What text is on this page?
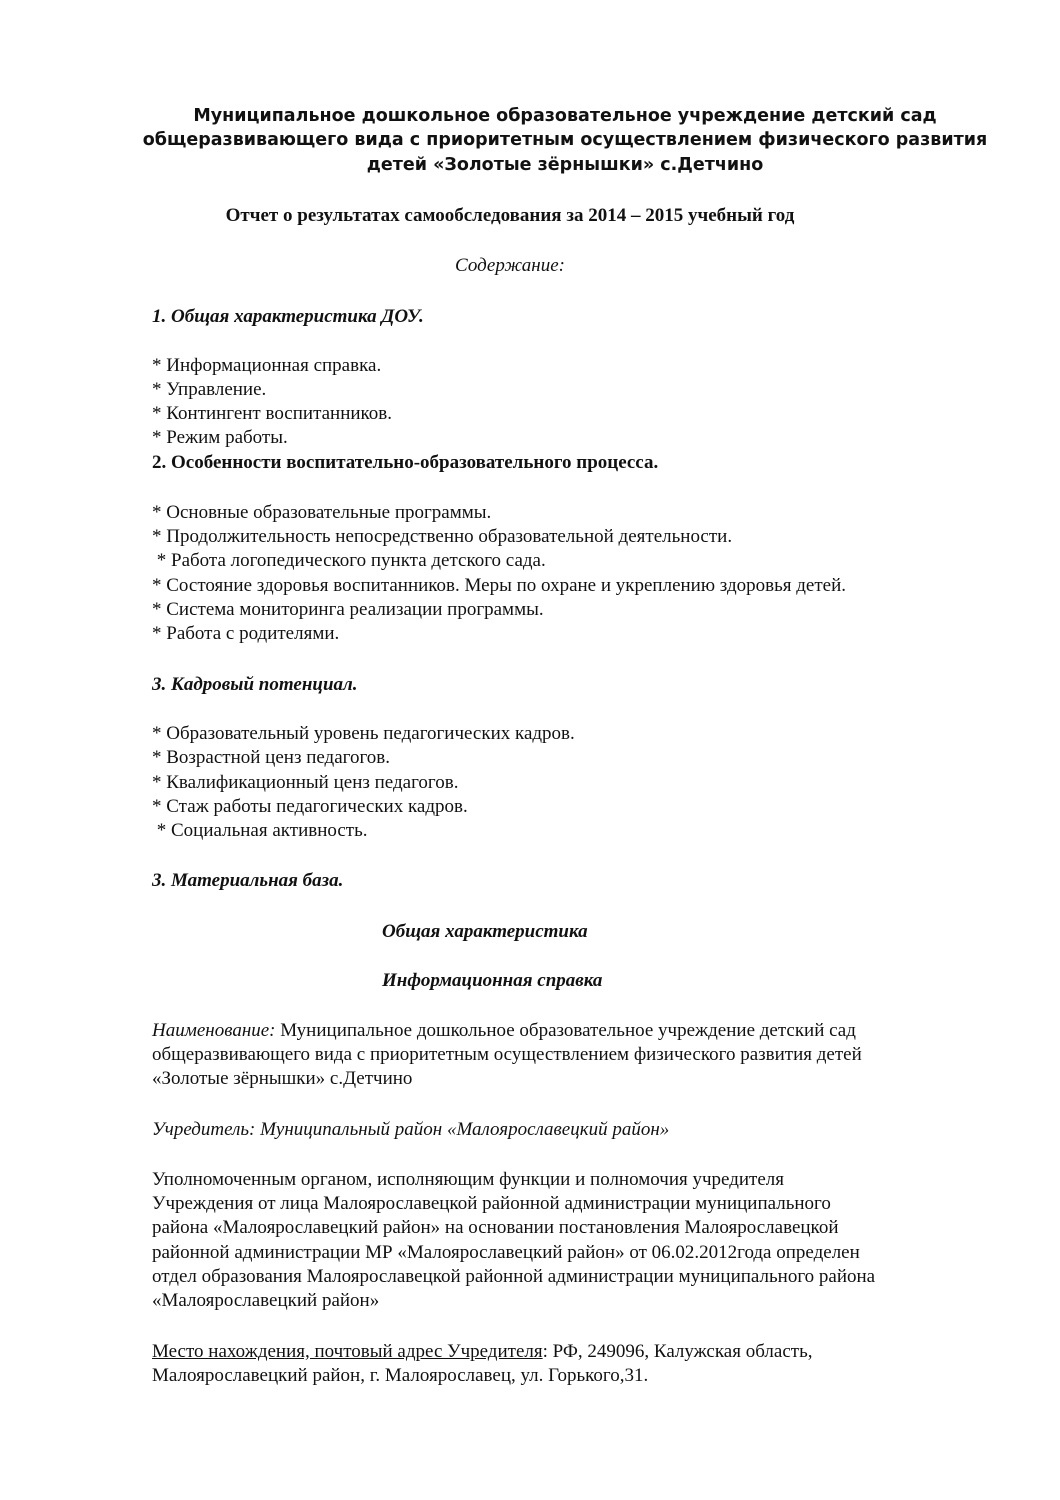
Муниципальное дошкольное образовательное учреждение детский сад
общеразвивающего вида с приоритетным осуществлением физического развития
детей «Золотые зёрнышки» с.Детчино
Отчет о результатах самообследования за 2014 – 2015 учебный год
Содержание:
1. Общая характеристика ДОУ.
* Информационная справка.
* Управление.
* Контингент воспитанников.
* Режим работы.
2. Особенности воспитательно-образовательного процесса.
* Основные образовательные программы.
* Продолжительность непосредственно образовательной деятельности.
* Работа логопедического пункта детского сада.
* Состояние здоровья воспитанников. Меры по охране и укреплению здоровья детей.
* Система мониторинга реализации программы.
* Работа с родителями.
3. Кадровый потенциал.
* Образовательный уровень педагогических кадров.
* Возрастной ценз педагогов.
* Квалификационный ценз педагогов.
* Стаж работы педагогических кадров.
* Социальная активность.
3. Материальная база.
Общая характеристика
Информационная справка
Наименование: Муниципальное дошкольное образовательное учреждение детский сад
общеразвивающего вида с приоритетным осуществлением физического развития детей
«Золотые зёрнышки» с.Детчино
Учредитель: Муниципальный район «Малоярославецкий район»
Уполномоченным органом, исполняющим функции и полномочия учредителя
Учреждения от лица Малоярославецкой районной администрации муниципального
района «Малоярославецкий район» на основании постановления Малоярославецкой
районной администрации МР «Малоярославецкий район» от 06.02.2012года определен
отдел образования Малоярославецкой районной администрации муниципального района
«Малоярославецкий район»
Место нахождения, почтовый адрес Учредителя: РФ, 249096, Калужская область,
Малоярославецкий район, г. Малоярославец, ул. Горького,31.
